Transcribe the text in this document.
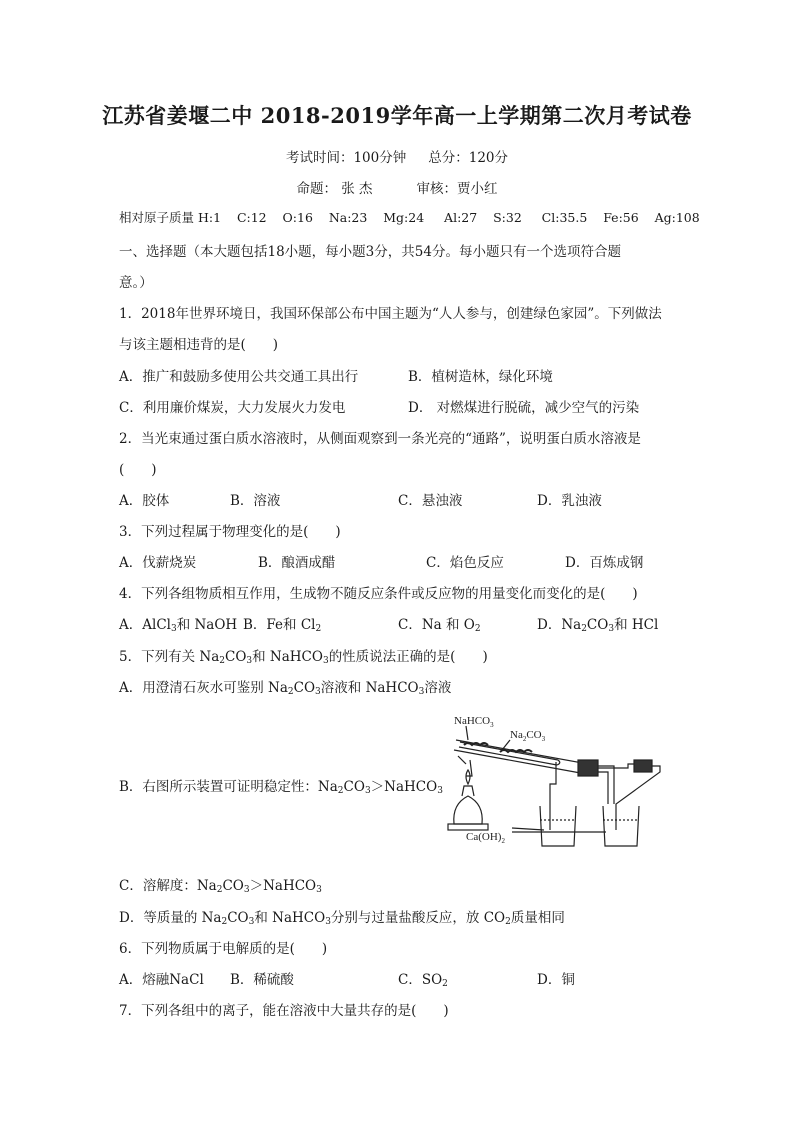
江苏省姜堰二中 2018-2019学年高一上学期第二次月考试卷
考试时间：100分钟 总分：120分
命题： 张 杰	审核：贾小红
相对原子质量 H:1 C:12 O:16 Na:23 Mg:24 Al:27 S:32 Cl:35.5 Fe:56 Ag:108
一、选择题（本大题包括18小题，每小题3分，共54分。每小题只有一个选项符合题
意。）
1．2018年世界环境日，我国环保部公布中国主题为“人人参与，创建绿色家园”。下列做法
与该主题相违背的是(　　)
A．推广和鼓励多使用公共交通工具出行	B．植树造林，绿化环境
C．利用廉价煤炭，大力发展火力发电	D． 对燃煤进行脱硫，减少空气的污染
2．当光束通过蛋白质水溶液时，从侧面观察到一条光亮的“通路”，说明蛋白质水溶液是
(　　)
A．胶体	B．溶液	C．悬浊液	D．乳浊液
3．下列过程属于物理变化的是(　　)
A．伐薪烧炭	B．酿酒成醋	C．焰色反应	D．百炼成钢
4．下列各组物质相互作用，生成物不随反应条件或反应物的用量变化而变化的是(　　)
A．AlCl$_3$和 NaOH B．Fe和 $Cl_2$	C．Na 和 $O_2$	D．$Na_2CO_3$和 HCl
5．下列有关 $Na_2CO_3$和 NaHCO$_3$的性质说法正确的是(　　)
A．用澄清石灰水可鉴别 $Na_2CO_3$溶液和 NaHCO$_3$溶液
B．右图所示装置可证明稳定性：$Na_2CO_3>NaHCO_3$
NaHCO$_3$
$Na_2CO_3$
$Ca(OH)_2$
C．溶解度：$Na_2CO_3>NaHCO_3$
D．等质量的 $Na_2CO_3$和 NaHCO$_3$分别与过量盐酸反应，放 $CO_2$质量相同
6．下列物质属于电解质的是(　　)
A．熔融NaCl B．稀硫酸	C．$SO_2$	D．铜
7．下列各组中的离子，能在溶液中大量共存的是(　　)
